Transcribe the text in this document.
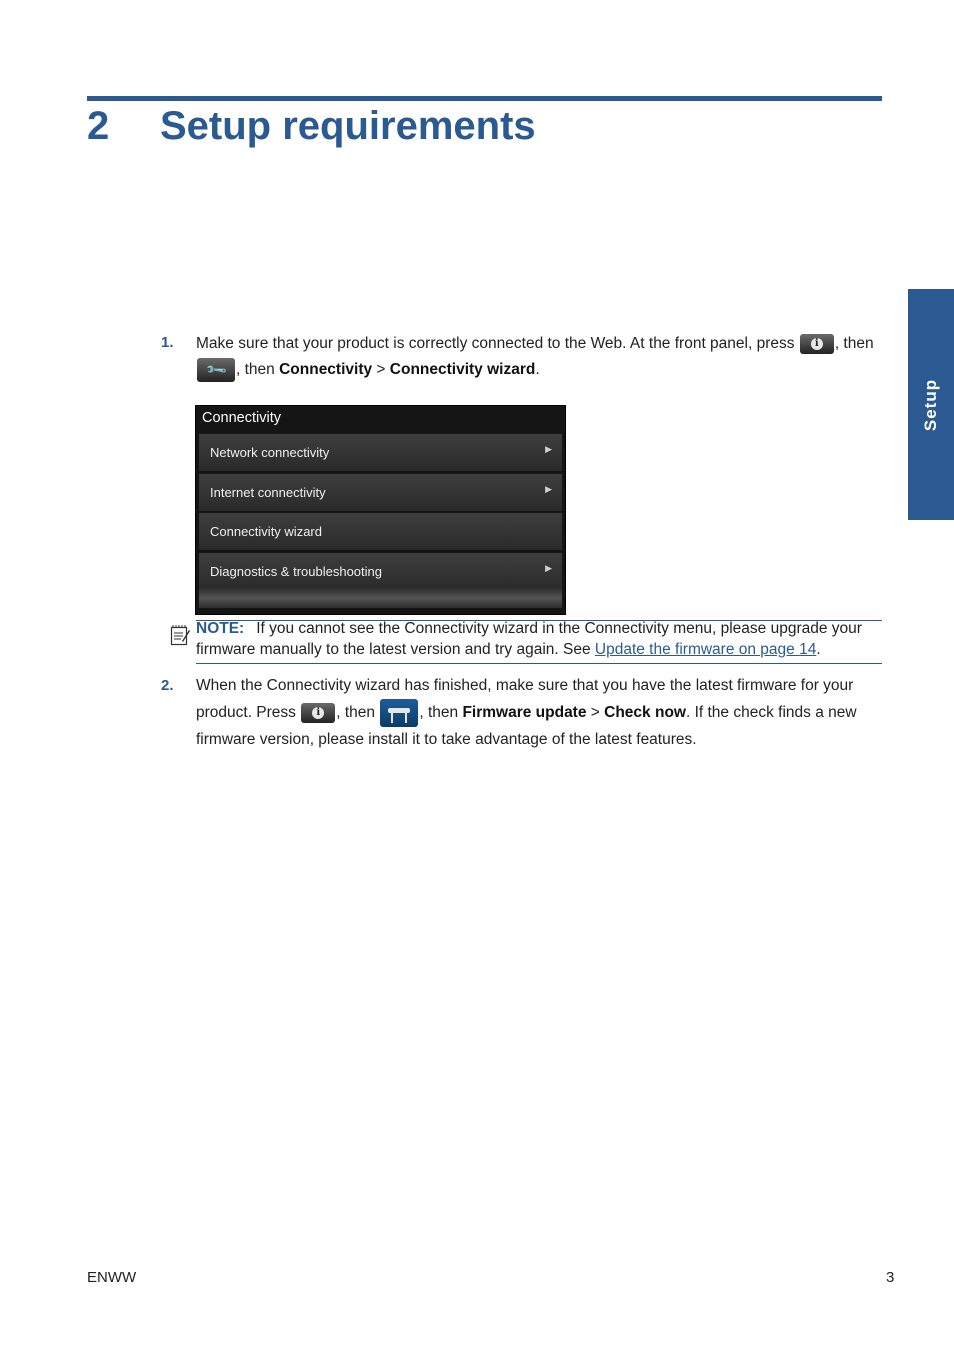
2 Setup requirements
Setup
1. Make sure that your product is correctly connected to the Web. At the front panel, press	i , then
🔧 , then Connectivity > Connectivity wizard.
Connectivity
Network connectivity	▶
Internet connectivity	▶
Connectivity wizard
Diagnostics & troubleshooting	▶
NOTE: If you cannot see the Connectivity wizard in the Connectivity menu, please upgrade your firmware manually to the latest version and try again. See Update the firmware on page 14.
2. When the Connectivity wizard has finished, make sure that you have the latest firmware for your product. Press	i , then	, then Firmware update > Check now. If the check finds a new firmware version, please install it to take advantage of the latest features.
ENWW	3
